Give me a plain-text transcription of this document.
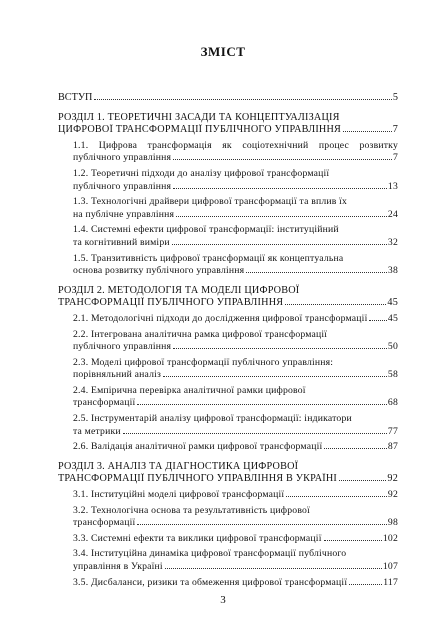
ЗМІСТ
ВСТУП	5
РОЗДІЛ 1. ТЕОРЕТИЧНІ ЗАСАДИ ТА КОНЦЕПТУАЛІЗАЦІЯ
ЦИФРОВОЇ ТРАНСФОРМАЦІЇ ПУБЛІЧНОГО УПРАВЛІННЯ	7
1.1. Цифрова трансформація як соціотехнічний процес розвитку
публічного управління	7
1.2. Теоретичні підходи до аналізу цифрової трансформації
публічного управління	13
1.3. Технологічні драйвери цифрової трансформації та вплив їх
на публічне управління	24
1.4. Системні ефекти цифрової трансформації: інституційний
та когнітивний виміри	32
1.5. Транзитивність цифрової трансформації як концептуальна
основа розвитку публічного управління	38
РОЗДІЛ 2. МЕТОДОЛОГІЯ ТА МОДЕЛІ ЦИФРОВОЇ
ТРАНСФОРМАЦІЇ ПУБЛІЧНОГО УПРАВЛІННЯ	45
2.1. Методологічні підходи до дослідження цифрової трансформації 45
2.2. Інтегрована аналітична рамка цифрової трансформації
публічного управління	50
2.3. Моделі цифрової трансформації публічного управління:
порівняльний аналіз	58
2.4. Емпірична перевірка аналітичної рамки цифрової
трансформації	68
2.5. Інструментарій аналізу цифрової трансформації: індикатори
та метрики	77
2.6. Валідація аналітичної рамки цифрової трансформації	87
РОЗДІЛ 3. АНАЛІЗ ТА ДІАГНОСТИКА ЦИФРОВОЇ
ТРАНСФОРМАЦІЇ ПУБЛІЧНОГО УПРАВЛІННЯ В УКРАЇНІ	92
3.1. Інституційні моделі цифрової трансформації	92
3.2. Технологічна основа та результативність цифрової
трансформації	98
3.3. Системні ефекти та виклики цифрової трансформації	102
3.4. Інституційна динаміка цифрової трансформації публічного
управління в Україні	107
3.5. Дисбаланси, ризики та обмеження цифрової трансформації	117
3
